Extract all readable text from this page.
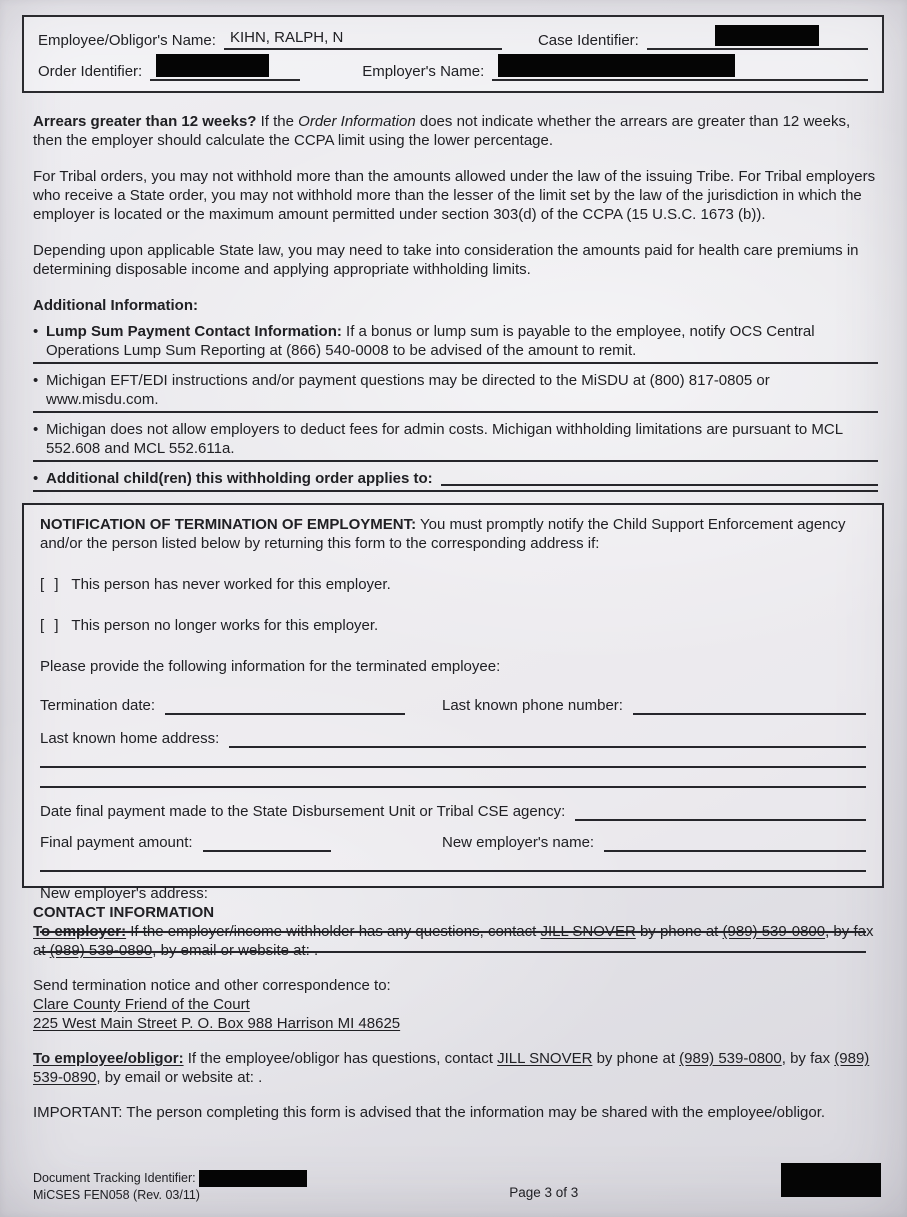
Employee/Obligor's Name: KIHN, RALPH, N	Case Identifier:
Order Identifier:	Employer's Name:

Arrears greater than 12 weeks? If the Order Information does not indicate whether the arrears are greater than 12 weeks, then the employer should calculate the CCPA limit using the lower percentage.

For Tribal orders, you may not withhold more than the amounts allowed under the law of the issuing Tribe. For Tribal employers who receive a State order, you may not withhold more than the lesser of the limit set by the law of the jurisdiction in which the employer is located or the maximum amount permitted under section 303(d) of the CCPA (15 U.S.C. 1673 (b)).

Depending upon applicable State law, you may need to take into consideration the amounts paid for health care premiums in determining disposable income and applying appropriate withholding limits.

Additional Information:

• Lump Sum Payment Contact Information: If a bonus or lump sum is payable to the employee, notify OCS Central Operations Lump Sum Reporting at (866) 540-0008 to be advised of the amount to remit.
• Michigan EFT/EDI instructions and/or payment questions may be directed to the MiSDU at (800) 817-0805 or www.misdu.com.
• Michigan does not allow employers to deduct fees for admin costs. Michigan withholding limitations are pursuant to MCL 552.608 and MCL 552.611a.
• Additional child(ren) this withholding order applies to:

NOTIFICATION OF TERMINATION OF EMPLOYMENT: You must promptly notify the Child Support Enforcement agency and/or the person listed below by returning this form to the corresponding address if:

[ ] This person has never worked for this employer.
[ ] This person no longer works for this employer.
Please provide the following information for the terminated employee:
Termination date:	Last known phone number:
Last known home address:
Date final payment made to the State Disbursement Unit or Tribal CSE agency:
Final payment amount:	New employer's name:
New employer's address:
CONTACT INFORMATION

To employer: If the employer/income withholder has any questions, contact JILL SNOVER by phone at (989) 539-0800, by fax at (989) 539-0890, by email or website at: .

Send termination notice and other correspondence to:

Clare County Friend of the Court

225 West Main Street P. O. Box 988 Harrison MI 48625

To employee/obligor: If the employee/obligor has questions, contact JILL SNOVER by phone at (989) 539-0800, by fax (989) 539-0890, by email or website at: .

IMPORTANT: The person completing this form is advised that the information may be shared with the employee/obligor.

Document Tracking Identifier:
MiCSES FEN058 (Rev. 03/11)	Page 3 of 3
